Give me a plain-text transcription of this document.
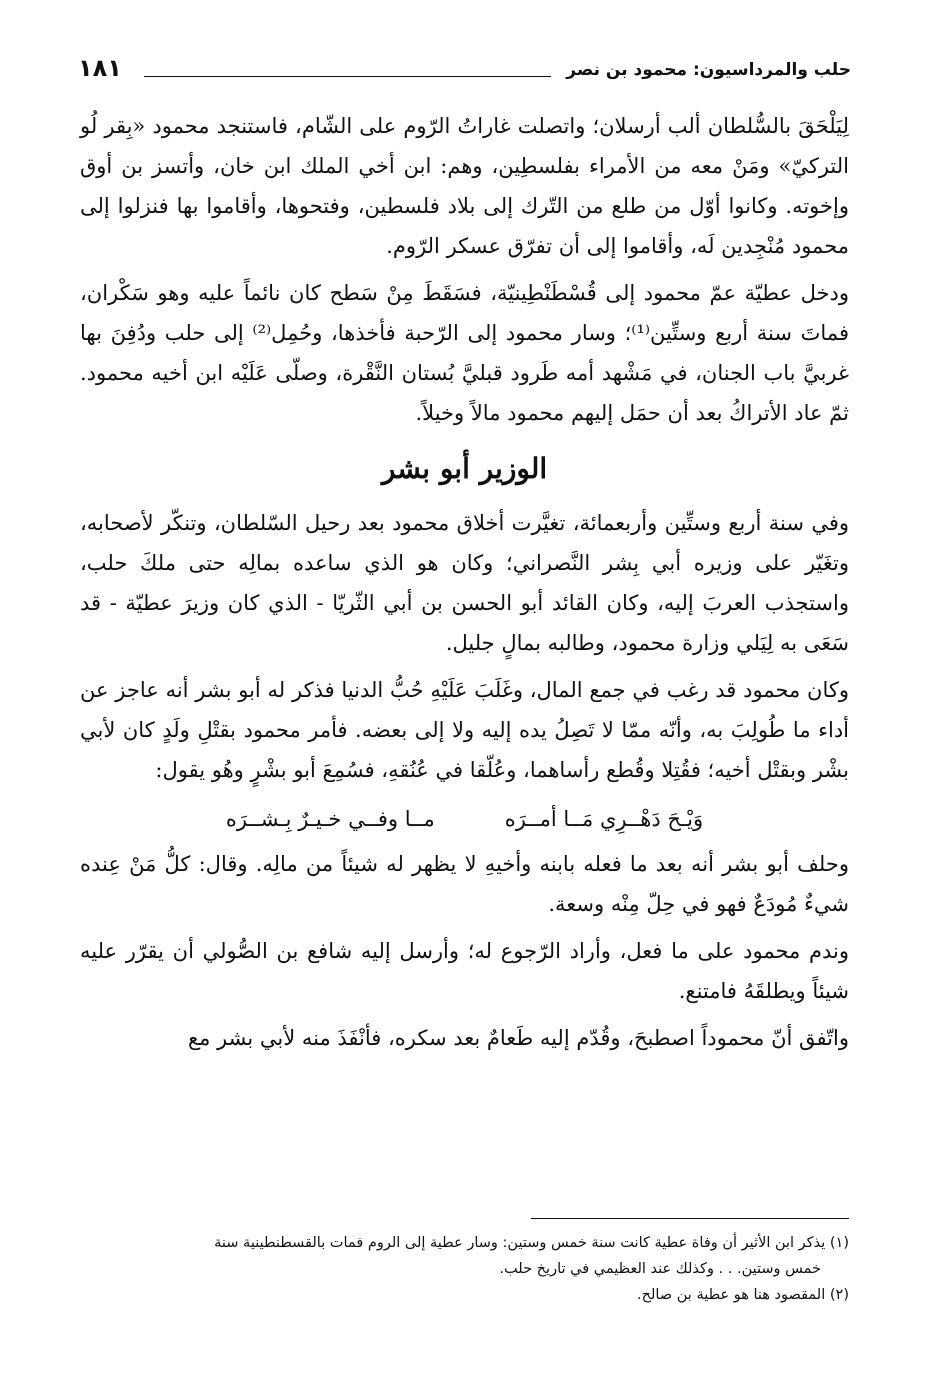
حلب والمرداسيون: محمود بن نصر
١٨١

لِيَلْحَقَ بالسُّلطان ألب أرسلان؛ واتصلت غاراتُ الرّوم على الشّام، فاستنجد محمود «بِقر لُو التركيّ» ومَنْ معه من الأمراء بفلسطِين، وهم: ابن أخي الملك ابن خان، وأتسز بن أوق وإخوته. وكانوا أوّل من طلع من التّرك إلى بلاد فلسطين، وفتحوها، وأقاموا بها فنزلوا إلى محمود مُنْجِدين لَه، وأقاموا إلى أن تفرّق عسكر الرّوم.

ودخل عطيّة عمّ محمود إلى قُسْطَنْطِينيّة، فسَقَطَ مِنْ سَطح كان نائماً عليه وهو سَكْران، فماتَ سنة أربع وستِّين⁽¹⁾؛ وسار محمود إلى الرّحبة فأخذها، وحُمِل⁽²⁾ إلى حلب ودُفِنَ بها غربيَّ باب الجنان، في مَشْهد أمه طَرود قبليَّ بُستان النَّقْرة، وصلّى عَلَيْه ابن أخيه محمود. ثمّ عاد الأتراكُ بعد أن حمَل إليهم محمود مالاً وخيلاً.

الوزير أبو بشر

وفي سنة أربع وستِّين وأربعمائة، تغيَّرت أخلاق محمود بعد رحيل السّلطان، وتنكّر لأصحابه، وتغَيّر على وزيره أبي بِشر النَّصراني؛ وكان هو الذي ساعده بمالِه حتى ملكَ حلب، واستجذب العربَ إليه، وكان القائد أبو الحسن بن أبي الثّريّا - الذي كان وزيرَ عطيّة - قد سَعَى به لِيَلي وزارة محمود، وطالبه بمالٍ جليل.

وكان محمود قد رغب في جمع المال، وغَلَبَ عَلَيْهِ حُبُّ الدنيا فذكر له أبو بشر أنه عاجز عن أداء ما طُولِبَ به، وأنّه ممّا لا تَصِلُ يده إليه ولا إلى بعضه. فأمر محمود بقتْلِ ولَدٍ كان لأبي بشْر وبقتْل أخيه؛ فقُتِلا وقُطع رأساهما، وعُلّقا في عُنُقهِ، فسُمِعَ أبو بشْرٍ وهُو يقول:

وَيْـحَ دَهْــرِي مَــا أمــرَه
مــا وفــي خـيـرٌ بِـشــرَه

وحلف أبو بشر أنه بعد ما فعله بابنه وأخيهِ لا يظهر له شيئاً من مالِه. وقال: كلُّ مَنْ عِنده شيءٌ مُودَعٌ فهو في حِلّ مِنْه وسعة.

وندم محمود على ما فعل، وأراد الرّجوع له؛ وأرسل إليه شافع بن الصُّولي أن يقرّر عليه شيئاً ويطلقَهُ فامتنع.

واتّفق أنّ محموداً اصطبحَ، وقُدّم إليه طَعامٌ بعد سكره، فأنْفَذَ منه لأبي بشر مع

(١) يذكر ابن الأثير أن وفاة عطية كانت سنة خمس وستين: وسار عطية إلى الروم فمات بالقسطنطينية سنة
خمس وستين. . . وكذلك عند العظيمي في تاريخ حلب.

(٢) المقصود هنا هو عطية بن صالح.
